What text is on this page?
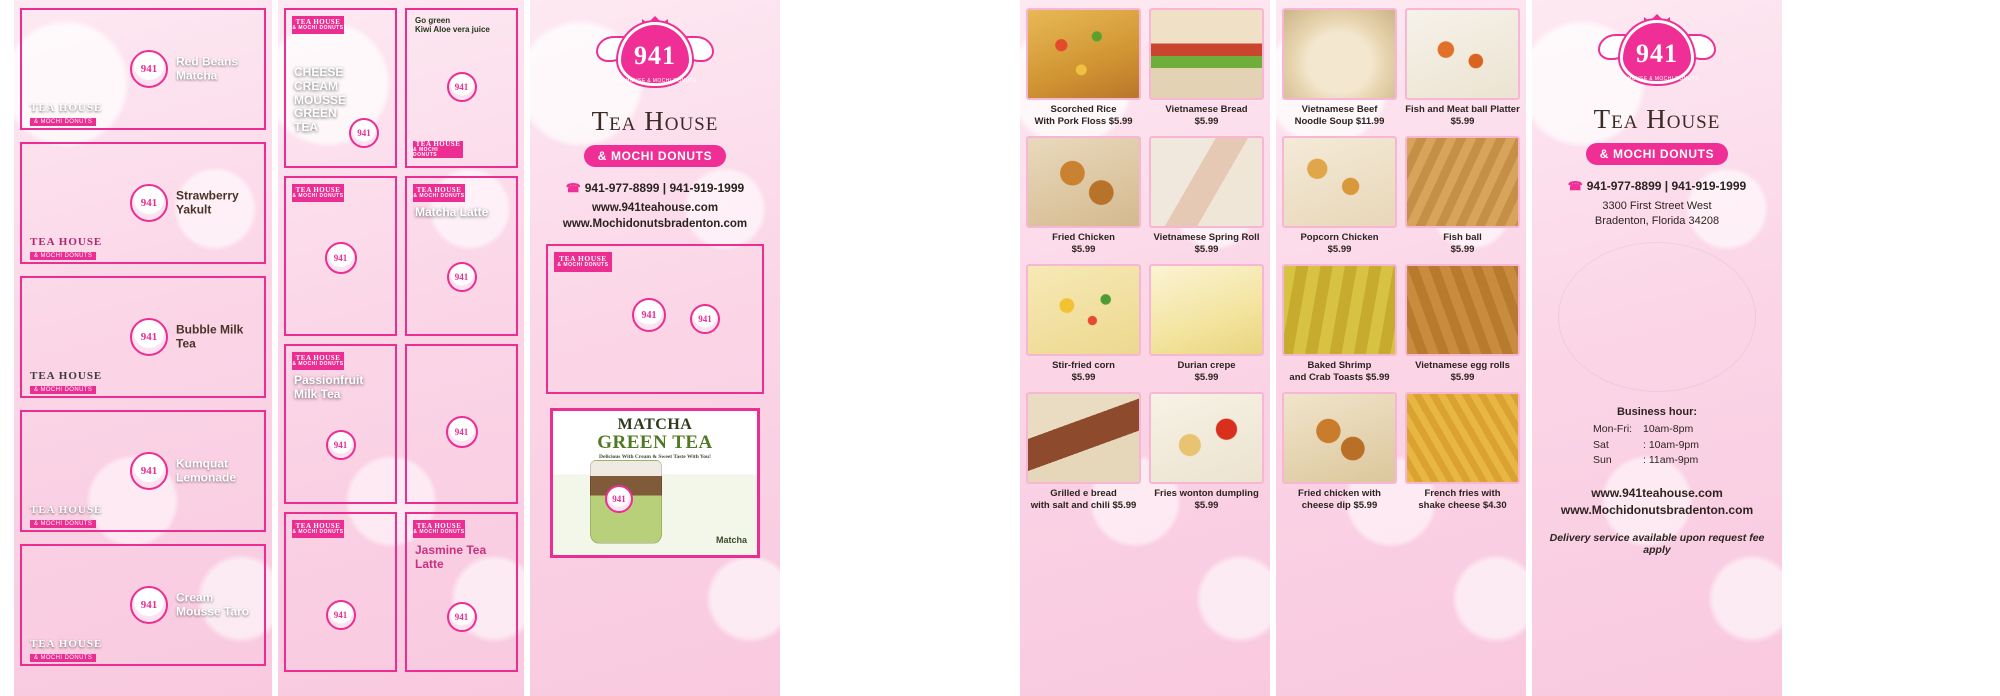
941
TEA HOUSE
& MOCHI DONUTS
Red Beans Matcha
941
TEA HOUSE
& MOCHI DONUTS
Strawberry Yakult
941
TEA HOUSE
& MOCHI DONUTS
Bubble Milk Tea
941
TEA HOUSE
& MOCHI DONUTS
Kumquat Lemonade
941
TEA HOUSE
& MOCHI DONUTS
Cream Mousse Taro
TEA HOUSE
& MOCHI DONUTS
CHEESE CREAM MOUSSE GREEN TEA	941
Go green
Kiwi Aloe vera juice
941
TEA HOUSE
& MOCHI DONUTS
TEA HOUSE
& MOCHI DONUTS
941
TEA HOUSE
& MOCHI DONUTS
Matcha Latte
941
TEA HOUSE
& MOCHI DONUTS
Passionfruit Milk Tea
941
941
TEA HOUSE
& MOCHI DONUTS
941
TEA HOUSE
& MOCHI DONUTS
Jasmine Tea Latte
941
941
TEA HOUSE & MOCHI DONUTS
Tea House
& MOCHI DONUTS
☎ 941-977-8899 | 941-919-1999
www.941teahouse.com
www.Mochidonutsbradenton.com
TEA HOUSE
& MOCHI DONUTS
941	941
MATCHA
GREEN TEA
Delicious With Cream & Sweet Taste With You!
941
Matcha
Scorched Rice
With Pork Floss $5.99
Vietnamese Bread
$5.99
Fried Chicken
$5.99
Vietnamese Spring Roll
$5.99
Stir-fried corn
$5.99
Durian crepe
$5.99
Grilled e bread
with salt and chili $5.99
Fries wonton dumpling
$5.99
Vietnamese Beef
Noodle Soup $11.99
Fish and Meat ball Platter
$5.99
Popcorn Chicken
$5.99
Fish ball
$5.99
Baked Shrimp
and Crab Toasts $5.99
Vietnamese egg rolls
$5.99
Fried chicken with
cheese dip $5.99
French fries with
shake cheese $4.30
941
TEA HOUSE & MOCHI DONUTS
Tea House
& MOCHI DONUTS
☎ 941-977-8899 | 941-919-1999
3300 First Street West
Bradenton, Florida 34208
Business hour:
Mon-Fri:	10am-8pm
Sat	: 10am-9pm
Sun	: 11am-9pm
www.941teahouse.com
www.Mochidonutsbradenton.com
Delivery service available upon request fee apply
